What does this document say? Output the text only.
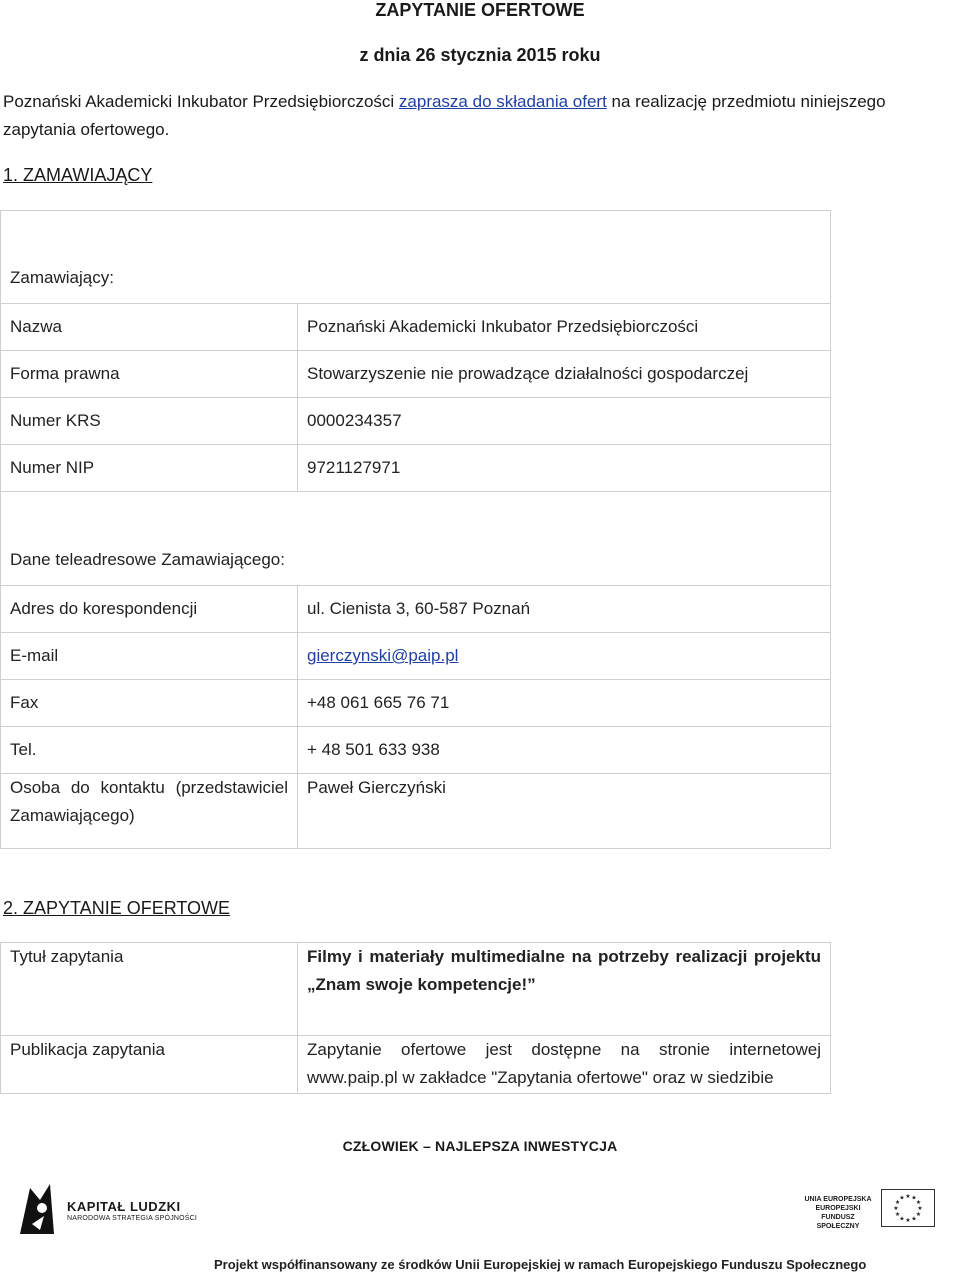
ZAPYTANIE OFERTOWE
z dnia 26 stycznia 2015 roku
Poznański Akademicki Inkubator Przedsiębiorczości zaprasza do składania ofert na realizację przedmiotu niniejszego zapytania ofertowego.
1. ZAMAWIAJĄCY
Zamawiający:	
Nazwa	Poznański Akademicki Inkubator Przedsiębiorczości
Forma prawna	Stowarzyszenie nie prowadzące działalności gospodarczej
Numer KRS	0000234357
Numer NIP	9721127971
Dane teleadresowe Zamawiającego:	
Adres do korespondencji	ul. Cienista 3, 60-587 Poznań
E-mail	gierczynski@paip.pl
Fax	+48 061 665 76 71
Tel.	+ 48 501 633 938
Osoba do kontaktu (przedstawiciel Zamawiającego)	Paweł Gierczyński
2. ZAPYTANIE OFERTOWE
Tytuł zapytania	Filmy i materiały multimedialne na potrzeby realizacji projektu „Znam swoje kompetencje!”
Publikacja zapytania	Zapytanie ofertowe jest dostępne na stronie internetowej www.paip.pl w zakładce "Zapytania ofertowe" oraz w siedzibie
CZŁOWIEK – NAJLEPSZA INWESTYCJA
KAPITAŁ LUDZKI
NARODOWA STRATEGIA SPÓJNOŚCI
UNIA EUROPEJSKA
EUROPEJSKI
FUNDUSZ SPOŁECZNY
★ ★
★
★
★
★
★
★
★
★
★
★
Projekt współfinansowany ze środków Unii Europejskiej w ramach Europejskiego Funduszu Społecznego
